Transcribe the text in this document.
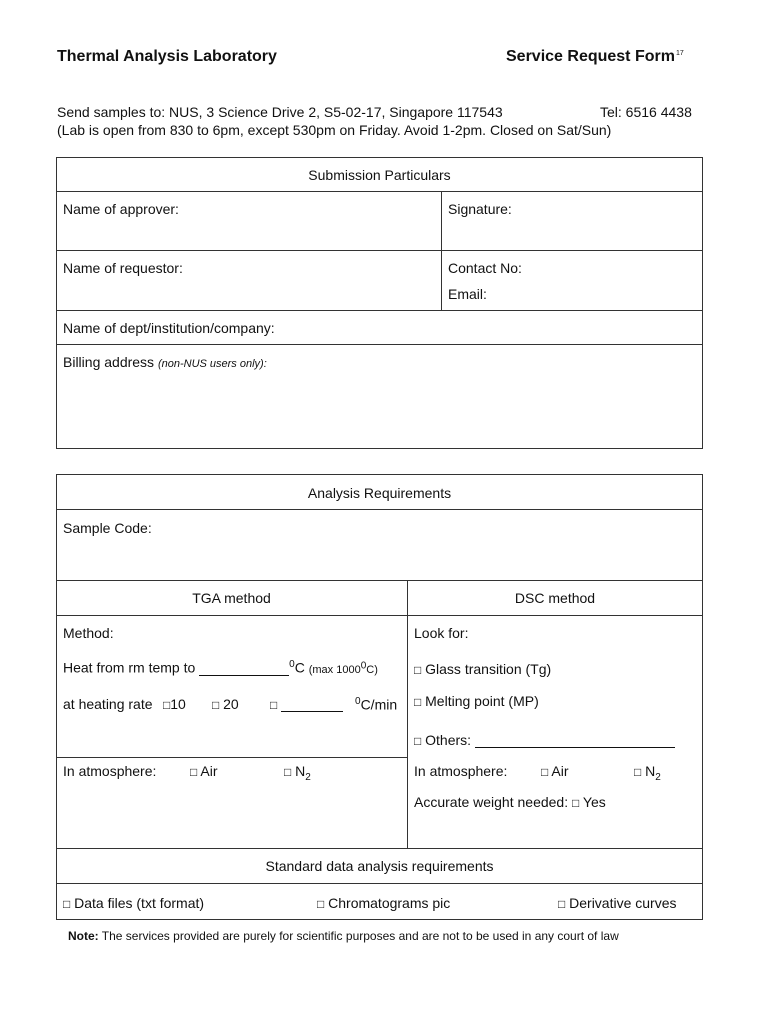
Thermal Analysis Laboratory	Service Request Form$^{17}$
Send samples to: NUS, 3 Science Drive 2, S5-02-17, Singapore 117543	Tel: 6516 4438
(Lab is open from 830 to 6pm, except 530pm on Friday. Avoid 1-2pm. Closed on Sat/Sun)
Submission Particulars
Name of approver:	Signature:
Name of requestor:	Contact No:
Email:
Name of dept/institution/company:
Billing address (non-NUS users only):
Analysis Requirements
Sample Code:
TGA method	DSC method
Method:
Heat from rm temp to	$^0$C (max 1000$^0$C)
at heating rate □10 □ 20	□	$^0$C/min
In atmosphere:	□ Air	□ $N_2$
Look for:
□ Glass transition (Tg)
□ Melting point (MP)
□ Others:
In atmosphere:	□ Air	□ $N_2$
Accurate weight needed: □ Yes
Standard data analysis requirements
□ Data files (txt format)	□ Chromatograms pic	□ Derivative curves
Note: The services provided are purely for scientific purposes and are not to be used in any court of law
